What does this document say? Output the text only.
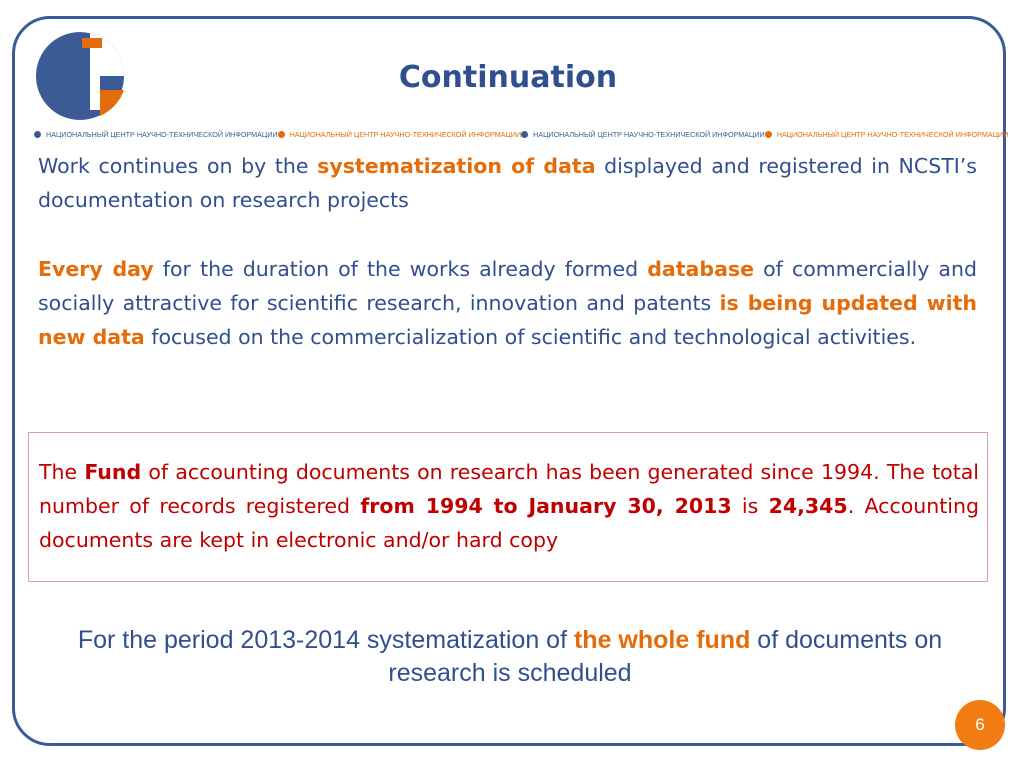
Continuation
НАЦИОНАЛЬНЫЙ ЦЕНТР НАУЧНО-ТЕХНИЧЕСКОЙ ИНФОРМАЦИИ НАЦИОНАЛЬНЫЙ ЦЕНТР НАУЧНО-ТЕХНИЧЕСКОЙ ИНФОРМАЦИИ НАЦИОНАЛЬНЫЙ ЦЕНТР НАУЧНО-ТЕХНИЧЕСКОЙ ИНФОРМАЦИИ НАЦИОНАЛЬНЫЙ ЦЕНТР НАУЧНО-ТЕХНИЧЕСКОЙ ИНФОРМАЦИИ

Work continues on by the systematization of data displayed and registered in NCSTI’s documentation on research projects

Every day for the duration of the works already formed database of commercially and socially attractive for scientific research, innovation and patents is being updated with new data focused on the commercialization of scientific and technological activities.

The Fund of accounting documents on research has been generated since 1994. The total number of records registered from 1994 to January 30, 2013 is 24,345. Accounting documents are kept in electronic and/or hard copy

For the period 2013-2014 systematization of the whole fund of documents on research is scheduled

6
